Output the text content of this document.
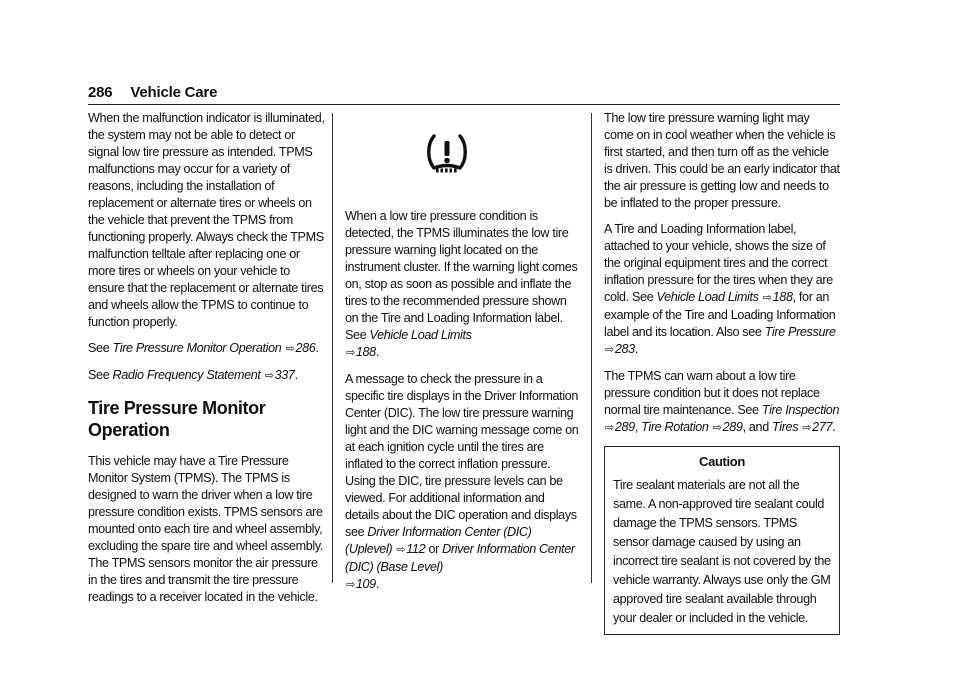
286 Vehicle Care

When the malfunction indicator is illuminated, the system may not be able to detect or signal low tire pressure as intended. TPMS malfunctions may occur for a variety of reasons, including the installation of replacement or alternate tires or wheels on the vehicle that prevent the TPMS from functioning properly. Always check the TPMS malfunction telltale after replacing one or more tires or wheels on your vehicle to ensure that the replacement or alternate tires and wheels allow the TPMS to continue to function properly.

See Tire Pressure Monitor Operation ⇨286.

See Radio Frequency Statement ⇨337.

Tire Pressure Monitor Operation

This vehicle may have a Tire Pressure Monitor System (TPMS). The TPMS is designed to warn the driver when a low tire pressure condition exists. TPMS sensors are mounted onto each tire and wheel assembly, excluding the spare tire and wheel assembly. The TPMS sensors monitor the air pressure in the tires and transmit the tire pressure readings to a receiver located in the vehicle.

When a low tire pressure condition is detected, the TPMS illuminates the low tire pressure warning light located on the instrument cluster. If the warning light comes on, stop as soon as possible and inflate the tires to the recommended pressure shown on the Tire and Loading Information label. See Vehicle Load Limits
⇨188.

A message to check the pressure in a specific tire displays in the Driver Information Center (DIC). The low tire pressure warning light and the DIC warning message come on at each ignition cycle until the tires are inflated to the correct inflation pressure. Using the DIC, tire pressure levels can be viewed. For additional information and details about the DIC operation and displays see Driver Information Center (DIC) (Uplevel) ⇨112 or Driver Information Center (DIC) (Base Level)
⇨109.

The low tire pressure warning light may come on in cool weather when the vehicle is first started, and then turn off as the vehicle is driven. This could be an early indicator that the air pressure is getting low and needs to be inflated to the proper pressure.

A Tire and Loading Information label, attached to your vehicle, shows the size of the original equipment tires and the correct inflation pressure for the tires when they are cold. See Vehicle Load Limits ⇨188, for an example of the Tire and Loading Information label and its location. Also see Tire Pressure ⇨283.

The TPMS can warn about a low tire pressure condition but it does not replace normal tire maintenance. See Tire Inspection
⇨289, Tire Rotation ⇨289, and Tires ⇨277.

Caution
Tire sealant materials are not all the same. A non-approved tire sealant could damage the TPMS sensors. TPMS sensor damage caused by using an incorrect tire sealant is not covered by the vehicle warranty. Always use only the GM approved tire sealant available through your dealer or included in the vehicle.
